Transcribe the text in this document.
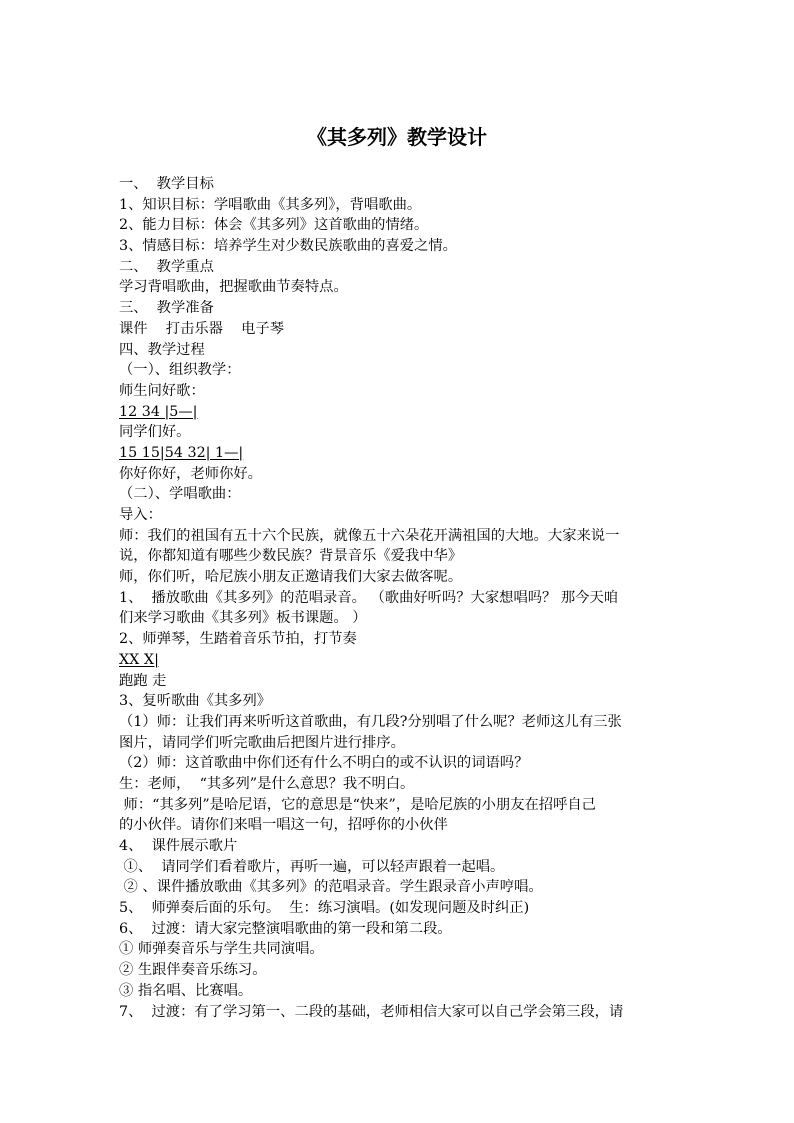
《其多列》教学设计
一、  教学目标
1、知识目标：学唱歌曲《其多列》，背唱歌曲。
2、能力目标：体会《其多列》这首歌曲的情绪。
3、情感目标：培养学生对少数民族歌曲的喜爱之情。
二、  教学重点
学习背唱歌曲，把握歌曲节奏特点。
三、  教学准备
课件    打击乐器    电子琴
四、教学过程
（一）、组织教学：
师生问好歌：
12 34 |5—|
同学们好。
15 15|54 32| 1—|
你好你好，老师你好。
（二）、学唱歌曲：
导入：
师：我们的祖国有五十六个民族，就像五十六朵花开满祖国的大地。大家来说一
说，你都知道有哪些少数民族？背景音乐《爱我中华》
师，你们听，哈尼族小朋友正邀请我们大家去做客呢。
1、  播放歌曲《其多列》的范唱录音。 （歌曲好听吗？大家想唱吗？ 那今天咱
们来学习歌曲《其多列》板书课题。 ）
2、师弹琴，生踏着音乐节拍，打节奏
XX X|
跑跑 走
3、复听歌曲《其多列》
（1）师：让我们再来听听这首歌曲，有几段?分别唱了什么呢？老师这儿有三张
图片，请同学们听完歌曲后把图片进行排序。
（2）师：这首歌曲中你们还有什么不明白的或不认识的词语吗？
生：老师，  “其多列”是什么意思？我不明白。
师：“其多列”是哈尼语，它的意思是“快来”，是哈尼族的小朋友在招呼自己
的小伙伴。请你们来唱一唱这一句，招呼你的小伙伴
4、  课件展示歌片
①、  请同学们看着歌片，再听一遍，可以轻声跟着一起唱。
② 、课件播放歌曲《其多列》的范唱录音。学生跟录音小声哼唱。
5、  师弹奏后面的乐句。  生：练习演唱。(如发现问题及时纠正)
6、  过渡：请大家完整演唱歌曲的第一段和第二段。
① 师弹奏音乐与学生共同演唱。
② 生跟伴奏音乐练习。
③ 指名唱、比赛唱。
7、  过渡：有了学习第一、二段的基础，老师相信大家可以自己学会第三段，请
